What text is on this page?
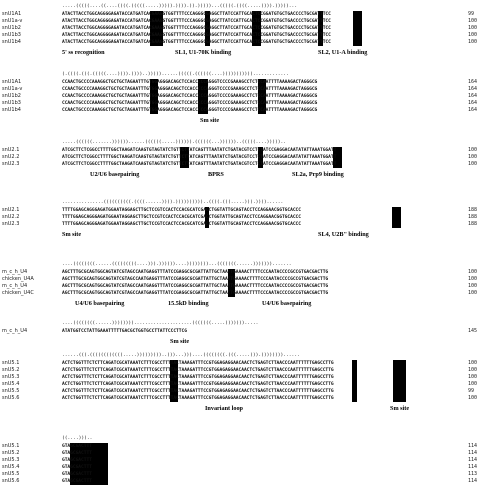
.....(((((....((....((((.(((((.....))))).)))).)).)))))...(((((.((((.....)))).)))))...
snU1A1	ATACTTACCTGGCAGGGGAGATACCATGATCACGAAGGTGGTTTTCCCAGGGCGAGGCTTATCCATTGCACTCCGGATGTGCTGACCCCTGCGATTTCC	99
snU1a-v	ATACTTACCTGGCAGGGGAGATACCATGATCACGAAGGTGGTTTTCCCAGGGCGAGGCTTATCCATTGCACTCCGGATGTGCTGACCCCTGCGATTTCC	100
snU1b2	ATACTTACCTGGCAGGGGAGATACCATGATCACGAAGGTGGTTTTCCCAGGGCGAGGCTTATCCATTGCACTCCGGATGTGCTGACCCCTGCGATTTCC	100
snU1b3	ATACTTACCTGGCAGGGGAGATACCATGATCACGAAGGTGGTTTTCCCAGGGCGAGGCTTATCCATTGCACTCCGGATGTGCTGACCCCTGCGATTTCC	100
snU1b4	ATACTTACCTGGCAGGGGAGATACCATGATCACGAAGGTGGTTTTCCCAGGGCGAGGCTTATCCATTGCACTCCGGATGTGCTGACCCCTGCGATTTCC	100
5' ss recognition	SL1, U1-70K binding	SL2, U1-A binding
(.((((.(((.(((((....)))).))))..)))))......(((((.((((((....))))))))))).............
snU1A1	CCAACTGCCCCAAAGGCTGCTGCTAGAATTTGTGGAGGGACAGCTCCACCCCCAGGGTCCCCGAAAGCCTCTCCAATTTTAAAAGACTAGGGCG	164
snU1a-v	CCAACTGCCCCAAAGGCTGCTGCTAGAATTTGTGGAGGGACAGCTCCACCCCCAGGGTCCCCGAAAGCCTCTCCAATTTTAAAAGACTAGGGCG	164
snU1b2	CCAACTGCCCCAAAGGCTGCTGCTAGAATTTGTGGAGGGACAGCTCCACCCCCAGGGTCCCCGAAAGCCTCTCCAATTTTAAAAGACTAGGGCG	164
snU1b3	CCAACTGCCCCAAAGGCTGCTGCTAGAATTTGTGGAGGGACAGCTCCACCCCCAGGGTCCCCGAAAGCCTCTCCAATTTTAAAAGACTAGGGCG	164
snU1b4	CCAACTGCCCCAAAGGCTGCTGCTAGAATTTGTGGAGGGACAGCTCCACCCCCAGGGTCCCCGAAAGCCTCTCCAATTTTAAAAGACTAGGGCG	164
Sm site
.....((((((.......))))))......((((((.....)))))).((((((...))))))..(((((....)))))..
snU2.1	ATCGCTTCTCGGCCTTTTGGCTAAGATCAAGTGTAGTATCTGTTCTTATCAGTTTAATATCTGATACGTCCTCTATCCGAGGACAATATATTAAATGGATT	100
snU2.2	ATCGCTTCTCGGCCTTTTGGCTAAGATCAAGTGTAGTATCTGTTCTTATCAGTTTAATATCTGATACGTCCTCTATCCGAGGACAATATATTAAATGGATT	100
snU2.3	ATCGCTTCTCGGCCTTTTGGCTAAGATCAAGTGTAGTATCTGTTCTTATCAGTTTAATATCTGATACGTCCTCTATCCGAGGACAATATATTAAATGGATT	100
U2/U6 basepairing	BPRS	SL2a, Prp9 binding
...............((((((((((.((((......)))).))))))))))..((((.(((.....))).))))......
snU2.1	TTTTGGAGCAGGGAGATGGAATAGGAGCTTGCTCCGTCCACTCCACGCATCGACCTGGTATTGCAGTACCTCCAGGAACGGTGCACCC	188
snU2.2	TTTTGGAGCAGGGAGATGGAATAGGAGCTTGCTCCGTCCACTCCACGCATCGACCTGGTATTGCAGTACCTCCAGGAACGGTGCACCC	188
snU2.3	TTTTGGAGCAGGGAGATGGAATAGGAGCTTGCTCCGTCCACTCCACGCATCGACCTGGTATTGCAGTACCTCCAGGAACGGTGCACCC	188
Sm site	SL4, U2B'' binding
....((((((((......(((((((((....))).))))))....))))))))...(((((((......))))))).......
m_c_h_U4	AGCTTTGCGCAGTGGCAGTATCGTAGCCAATGAGGTTTATCCGAGGCGCGATTATTGCTAATTGAAAACTTTTCCCAATACCCCGCCGTGACGACTTG	100
chicken_U4A	AGCTTTGCGCAGTGGCAGTATCGTAGCCAATGAGGTTTATCCGAGGCGCGATTATTGCTAATTGAAAACTTTTCCCAATACCCCGCCGTGACGACTTG	100
m_c_h_U4	AGCTTTGCGCAGTGGCAGTATCGTAGCCAATGAGGTTTATCCGAGGCGCGATTATTGCTAATTGAAAACTTTTCCCAATACCCCGCCGTGACGACTTG	100
chicken_U4C	AGCTTTGCGCAGTGGCAGTATCGTAGCCAATGAGGTTTATCCGAGGCGCGATTATTGCTAATTGAAAACTTTTCCCAATACCCCGCCGTGACGACTTG	100
U4/U6 basepairing	15.5kD binding	U4/U6 basepairing
....((((((((......)))))))).....................(((((((.....))))))).....
m_c_h_U4	ATATGGTCCTATTGAAATTTTTGACGCTGGTGCCTTATTCCCTTCG	145
Sm site
......(((.((((((((((((.....)))))))))..)))...)))....((((((((.(((.....))).))))))))......
snU5.1	ACTCTGGTTTCTCTTCAGATCGCATAAATCTTTCGCCTTTTACTAAAGATTTCCGTGGAGAGGAACAACTCTGAGTCTTAACCCAATTTTTTGAGCCTTG	100
snU5.2	ACTCTGGTTTCTCTTCAGATCGCATAAATCTTTCGCCTTTTACTAAAGATTTCCGTGGAGAGGAACAACTCTGAGTCTTAACCCAATTTTTTGAGCCTTG	100
snU5.3	ACTCTGGTTTCTCTTCAGATCGCATAAATCTTTCGCCTTTTACTAAAGATTTCCGTGGAGAGGAACAACTCTGAGTCTTAACCCAATTTTTTGAGCCTTG	100
snU5.4	ACTCTGGTTTCTCTTCAGATCGCATAAATCTTTCGCCTTTTACTAAAGATTTCCGTGGAGAGGAACAACTCTGAGTCTTAACCCAATTTTTTGAGCCTTG	100
snU5.5	ACTCTGGTTTCTCTTCAGATCGCATAAATCTTTCGCCTTTTACTAAAGATTTCCGTGGAGAGGAACAACTCTGAGTCTTAACCCAATTTTTTGAGCCTTG	99
snU5.6	ACTCTGGTTTCTCTTCAGATCGCATAAATCTTTCGCCTTTTACTAAAGATTTCCGTGGAGAGGAACAACTCTGAGTCTTAACCCAATTTTTTGAGCCTTG	100
Invariant loop	Sm site
((....)))..
snU5.1	GTAGCGACTTT	114
snU5.2	GTAGCGACTTT	114
snU5.3	GTAGCGACTTT	114
snU5.4	GTAGCGACTTT	114
snU5.5	GTAGCGACTTT	113
snU5.6	GTAGCGACTTT	114
